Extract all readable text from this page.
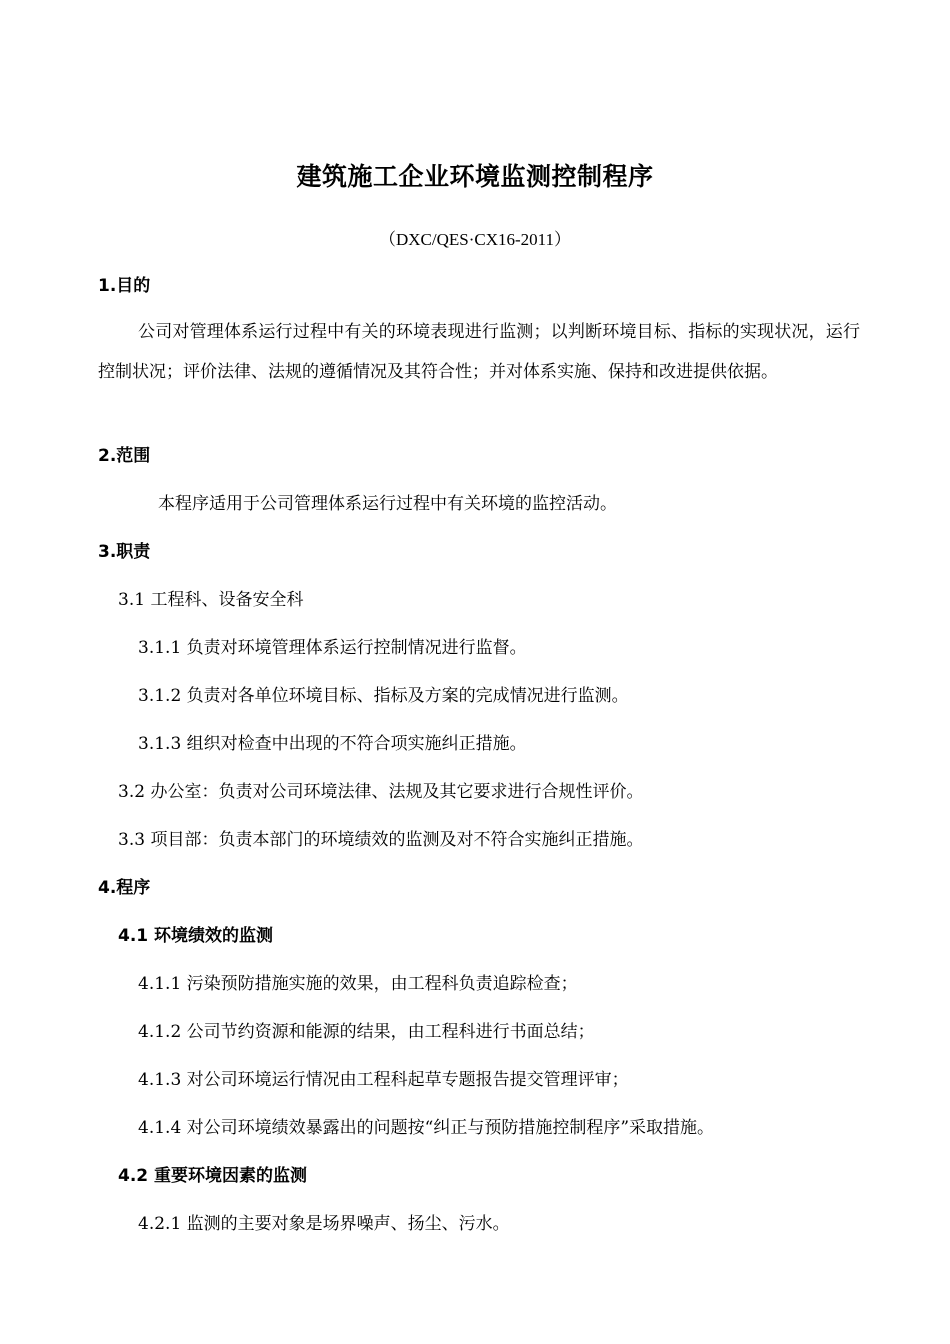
建筑施工企业环境监测控制程序
（DXC/QES·CX16-2011）
1.目的
公司对管理体系运行过程中有关的环境表现进行监测；以判断环境目标、指标的实现状况，运行控制状况；评价法律、法规的遵循情况及其符合性；并对体系实施、保持和改进提供依据。
2.范围
本程序适用于公司管理体系运行过程中有关环境的监控活动。
3.职责
3.1 工程科、设备安全科
3.1.1 负责对环境管理体系运行控制情况进行监督。
3.1.2 负责对各单位环境目标、指标及方案的完成情况进行监测。
3.1.3 组织对检查中出现的不符合项实施纠正措施。
3.2 办公室：负责对公司环境法律、法规及其它要求进行合规性评价。
3.3 项目部：负责本部门的环境绩效的监测及对不符合实施纠正措施。
4.程序
4.1 环境绩效的监测
4.1.1 污染预防措施实施的效果，由工程科负责追踪检查；
4.1.2 公司节约资源和能源的结果，由工程科进行书面总结；
4.1.3 对公司环境运行情况由工程科起草专题报告提交管理评审；
4.1.4 对公司环境绩效暴露出的问题按“纠正与预防措施控制程序”采取措施。
4.2 重要环境因素的监测
4.2.1 监测的主要对象是场界噪声、扬尘、污水。
